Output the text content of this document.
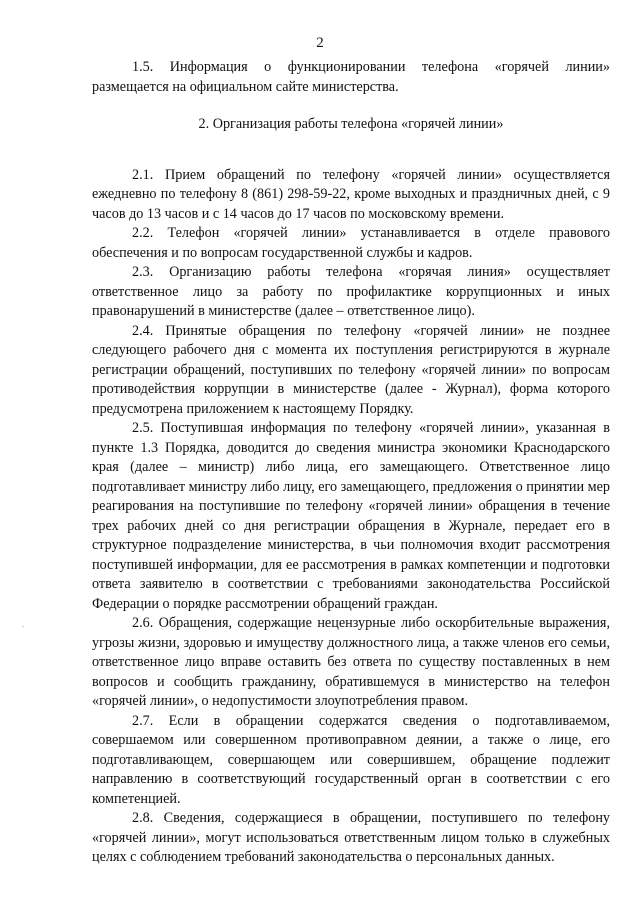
2

1.5. Информация о функционировании телефона «горячей линии» размещается на официальном сайте министерства.

2. Организация работы телефона «горячей линии»

2.1. Прием обращений по телефону «горячей линии» осуществляется ежедневно по телефону 8 (861) 298-59-22, кроме выходных и праздничных дней, с 9 часов до 13 часов и с 14 часов до 17 часов по московскому времени.

2.2. Телефон «горячей линии» устанавливается в отделе правового обеспечения и по вопросам государственной службы и кадров.

2.3. Организацию работы телефона «горячая линия» осуществляет ответственное лицо за работу по профилактике коррупционных и иных правонарушений в министерстве (далее – ответственное лицо).

2.4. Принятые обращения по телефону «горячей линии» не позднее следующего рабочего дня с момента их поступления регистрируются в журнале регистрации обращений, поступивших по телефону «горячей линии» по вопросам противодействия коррупции в министерстве (далее - Журнал), форма которого предусмотрена приложением к настоящему Порядку.

2.5. Поступившая информация по телефону «горячей линии», указанная в пункте 1.3 Порядка, доводится до сведения министра экономики Краснодарского края (далее – министр) либо лица, его замещающего. Ответственное лицо подготавливает министру либо лицу, его замещающего, предложения о принятии мер реагирования на поступившие по телефону «горячей линии» обращения в течение трех рабочих дней со дня регистрации обращения в Журнале, передает его в структурное подразделение министерства, в чьи полномочия входит рассмотрения поступившей информации, для ее рассмотрения в рамках компетенции и подготовки ответа заявителю в соответствии с требованиями законодательства Российской Федерации о порядке рассмотрении обращений граждан.

2.6. Обращения, содержащие нецензурные либо оскорбительные выражения, угрозы жизни, здоровью и имуществу должностного лица, а также членов его семьи, ответственное лицо вправе оставить без ответа по существу поставленных в нем вопросов и сообщить гражданину, обратившемуся в министерство на телефон «горячей линии», о недопустимости злоупотребления правом.

2.7. Если в обращении содержатся сведения о подготавливаемом, совершаемом или совершенном противоправном деянии, а также о лице, его подготавливающем, совершающем или совершившем, обращение подлежит направлению в соответствующий государственный орган в соответствии с его компетенцией.

2.8. Сведения, содержащиеся в обращении, поступившего по телефону «горячей линии», могут использоваться ответственным лицом только в служебных целях с соблюдением требований законодательства о персональных данных.

ˇ
